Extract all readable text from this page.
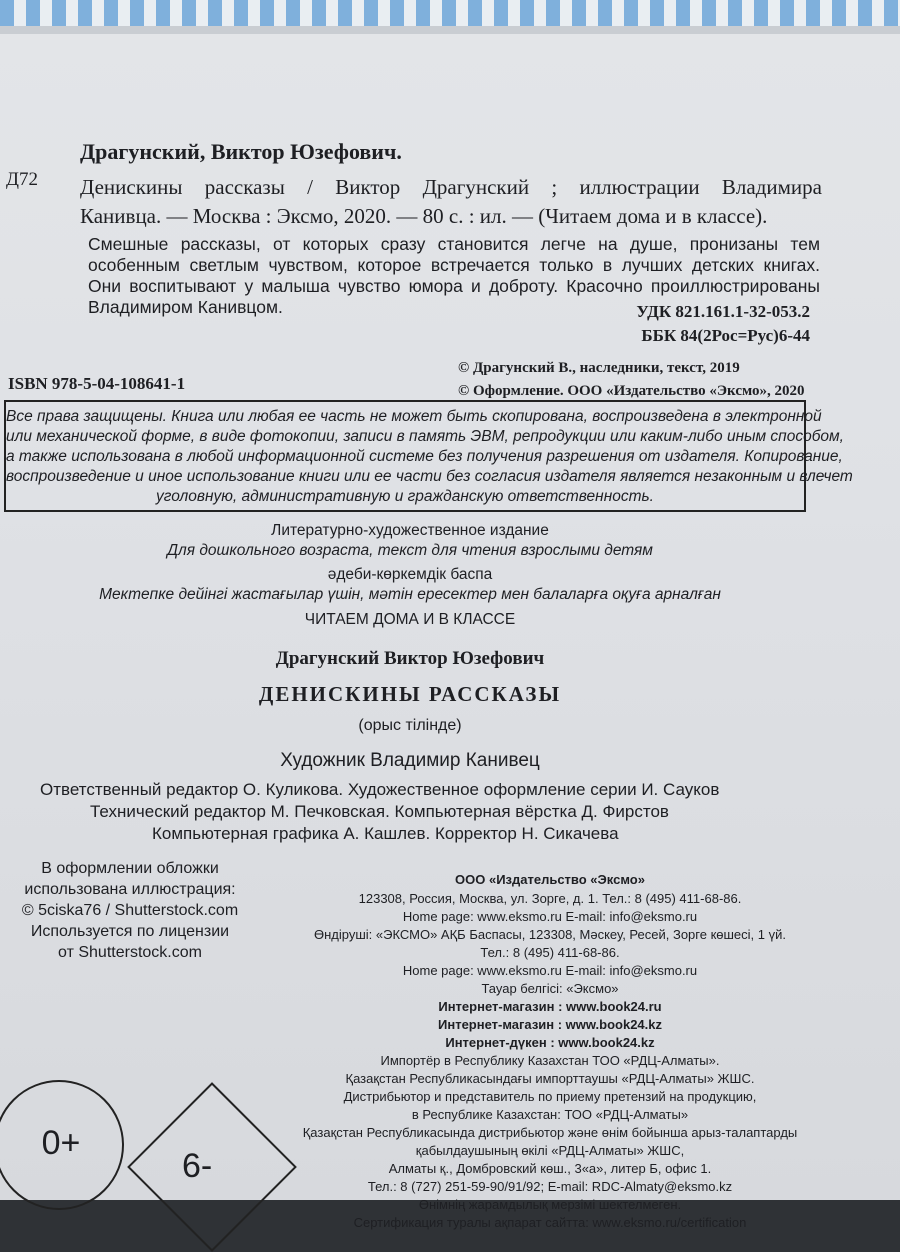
Драгунский, Виктор Юзефович.
Д72 Денискины рассказы / Виктор Драгунский ; иллюстрации Владимира
Канивца. — Москва : Эксмо, 2020. — 80 с. : ил. — (Читаем дома и в классе).
Смешные рассказы, от которых сразу становится легче на душе, пронизаны тем
особенным светлым чувством, которое встречается только в лучших детских книгах.
Они воспитывают у малыша чувство юмора и доброту. Красочно проиллюстрированы
Владимиром Канивцом.	УДК 821.161.1-32-053.2
ББК 84(2Рос=Рус)6-44
ISBN 978-5-04-108641-1
© Драгунский В., наследники, текст, 2019
© Оформление. ООО «Издательство «Эксмо», 2020
Все права защищены. Книга или любая ее часть не может быть скопирована, воспроизведена в электронной
или механической форме, в виде фотокопии, записи в память ЭВМ, репродукции или каким-либо иным способом,
а также использована в любой информационной системе без получения разрешения от издателя. Копирование,
воспроизведение и иное использование книги или ее части без согласия издателя является незаконным и влечет
уголовную, административную и гражданскую ответственность.
Литературно-художественное издание
Для дошкольного возраста, текст для чтения взрослыми детям
әдеби-көркемдік баспа
Мектепке дейінгі жастағылар үшін, мәтін ересектер мен балаларға оқуға арналған
ЧИТАЕМ ДОМА И В КЛАССЕ
Драгунский Виктор Юзефович
ДЕНИСКИНЫ РАССКАЗЫ
(орыс тілінде)
Художник Владимир Канивец
Ответственный редактор О. Куликова. Художественное оформление серии И. Сауков
Технический редактор М. Печковская. Компьютерная вёрстка Д. Фирстов
Компьютерная графика А. Кашлев. Корректор Н. Сикачева
В оформлении обложки
использована иллюстрация:
© 5ciska76 / Shutterstock.com
Используется по лицензии
от Shutterstock.com
ООО «Издательство «Эксмо»
123308, Россия, Москва, ул. Зорге, д. 1. Тел.: 8 (495) 411-68-86.
Home page: www.eksmo.ru E-mail: info@eksmo.ru
Өндіруші: «ЭКСМО» АҚБ Баспасы, 123308, Мәскеу, Ресей, Зорге көшесі, 1 үй.
Тел.: 8 (495) 411-68-86.
Home page: www.eksmo.ru E-mail: info@eksmo.ru
Тауар белгісі: «Эксмо»
Интернет-магазин : www.book24.ru
Интернет-магазин : www.book24.kz
Интернет-дүкен : www.book24.kz
Импортёр в Республику Казахстан ТОО «РДЦ-Алматы».
Қазақстан Республикасындағы импорттаушы «РДЦ-Алматы» ЖШС.
Дистрибьютор и представитель по приему претензий на продукцию,
в Республике Казахстан: ТОО «РДЦ-Алматы»
Қазақстан Республикасында дистрибьютор және өнім бойынша арыз-талаптарды
қабылдаушының өкілі «РДЦ-Алматы» ЖШС,
Алматы қ., Домбровский көш., 3«а», литер Б, офис 1.
Тел.: 8 (727) 251-59-90/91/92; E-mail: RDC-Almaty@eksmo.kz
Өнімнің жарамдылық мерзімі шектелмеген.
Сертификация туралы ақпарат сайтта: www.eksmo.ru/certification
0+
6-
